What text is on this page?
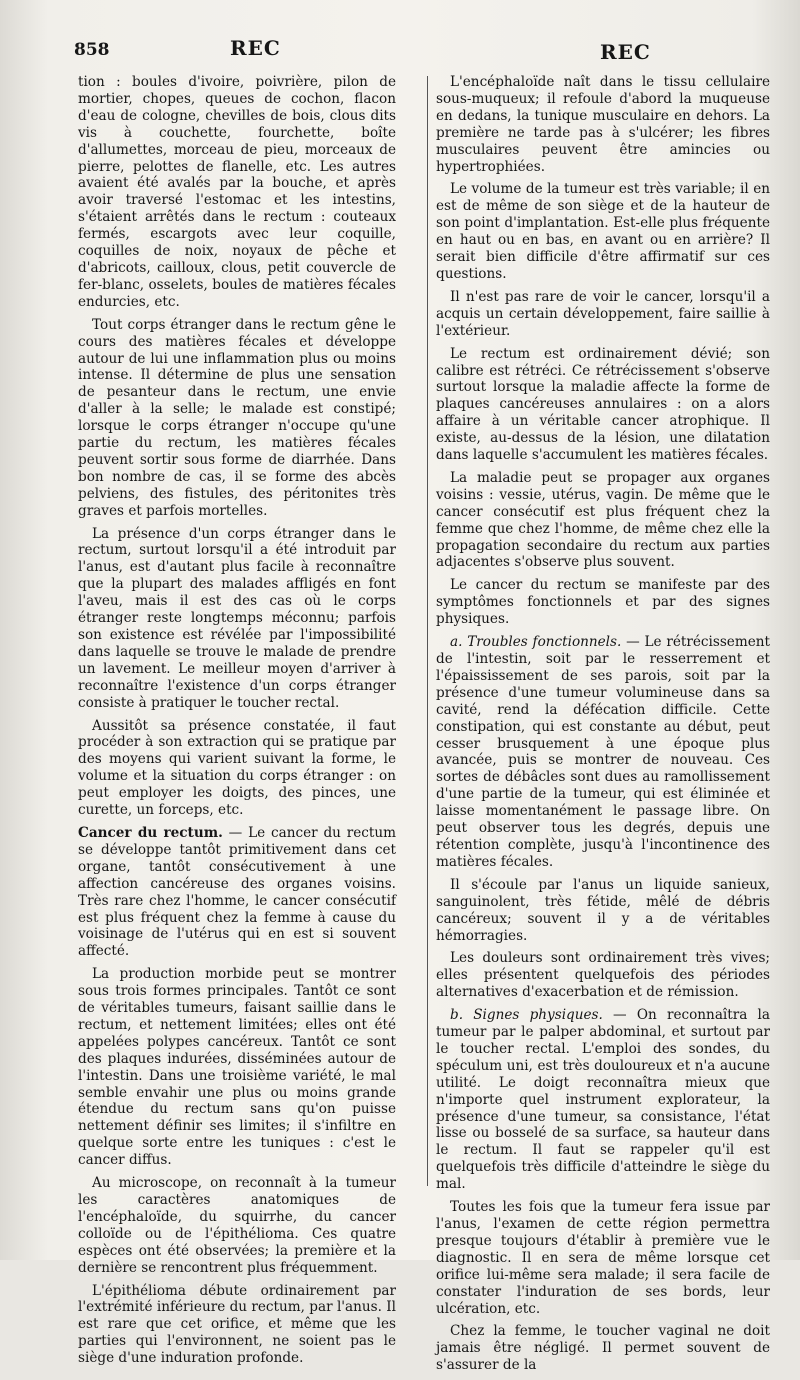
858	REC	REC

tion : boules d'ivoire, poivrière, pilon de mortier, chopes, queues de cochon, flacon d'eau de cologne, chevilles de bois, clous dits vis à couchette, fourchette, boîte d'allumettes, morceau de pieu, morceaux de pierre, pelottes de flanelle, etc. Les autres avaient été avalés par la bouche, et après avoir traversé l'estomac et les intestins, s'étaient arrêtés dans le rectum : couteaux fermés, escargots avec leur coquille, coquilles de noix, noyaux de pêche et d'abricots, cailloux, clous, petit couvercle de fer-blanc, osselets, boules de matières fécales endurcies, etc.

Tout corps étranger dans le rectum gêne le cours des matières fécales et développe autour de lui une inflammation plus ou moins intense. Il détermine de plus une sensation de pesanteur dans le rectum, une envie d'aller à la selle; le malade est constipé; lorsque le corps étranger n'occupe qu'une partie du rectum, les matières fécales peuvent sortir sous forme de diarrhée. Dans bon nombre de cas, il se forme des abcès pelviens, des fistules, des péritonites très graves et parfois mortelles.

La présence d'un corps étranger dans le rectum, surtout lorsqu'il a été introduit par l'anus, est d'autant plus facile à reconnaître que la plupart des malades affligés en font l'aveu, mais il est des cas où le corps étranger reste longtemps méconnu; parfois son existence est révélée par l'impossibilité dans laquelle se trouve le malade de prendre un lavement. Le meilleur moyen d'arriver à reconnaître l'existence d'un corps étranger consiste à pratiquer le toucher rectal.

Aussitôt sa présence constatée, il faut procéder à son extraction qui se pratique par des moyens qui varient suivant la forme, le volume et la situation du corps étranger : on peut employer les doigts, des pinces, une curette, un forceps, etc.

Cancer du rectum. — Le cancer du rectum se développe tantôt primitivement dans cet organe, tantôt consécutivement à une affection cancéreuse des organes voisins. Très rare chez l'homme, le cancer consécutif est plus fréquent chez la femme à cause du voisinage de l'utérus qui en est si souvent affecté.

La production morbide peut se montrer sous trois formes principales. Tantôt ce sont de véritables tumeurs, faisant saillie dans le rectum, et nettement limitées; elles ont été appelées polypes cancéreux. Tantôt ce sont des plaques indurées, disséminées autour de l'intestin. Dans une troisième variété, le mal semble envahir une plus ou moins grande étendue du rectum sans qu'on puisse nettement définir ses limites; il s'infiltre en quelque sorte entre les tuniques : c'est le cancer diffus.

Au microscope, on reconnaît à la tumeur les caractères anatomiques de l'encéphaloïde, du squirrhe, du cancer colloïde ou de l'épithélioma. Ces quatre espèces ont été observées; la première et la dernière se rencontrent plus fréquemment.

L'épithélioma débute ordinairement par l'extrémité inférieure du rectum, par l'anus. Il est rare que cet orifice, et même que les parties qui l'environnent, ne soient pas le siège d'une induration profonde.

L'encéphaloïde naît dans le tissu cellulaire sous-muqueux; il refoule d'abord la muqueuse en dedans, la tunique musculaire en dehors. La première ne tarde pas à s'ulcérer; les fibres musculaires peuvent être amincies ou hypertrophiées.

Le volume de la tumeur est très variable; il en est de même de son siège et de la hauteur de son point d'implantation. Est-elle plus fréquente en haut ou en bas, en avant ou en arrière? Il serait bien difficile d'être affirmatif sur ces questions.

Il n'est pas rare de voir le cancer, lorsqu'il a acquis un certain développement, faire saillie à l'extérieur.

Le rectum est ordinairement dévié; son calibre est rétréci. Ce rétrécissement s'observe surtout lorsque la maladie affecte la forme de plaques cancéreuses annulaires : on a alors affaire à un véritable cancer atrophique. Il existe, au-dessus de la lésion, une dilatation dans laquelle s'accumulent les matières fécales.

La maladie peut se propager aux organes voisins : vessie, utérus, vagin. De même que le cancer consécutif est plus fréquent chez la femme que chez l'homme, de même chez elle la propagation secondaire du rectum aux parties adjacentes s'observe plus souvent.

Le cancer du rectum se manifeste par des symptômes fonctionnels et par des signes physiques.

a. Troubles fonctionnels. — Le rétrécissement de l'intestin, soit par le resserrement et l'épaississement de ses parois, soit par la présence d'une tumeur volumineuse dans sa cavité, rend la défécation difficile. Cette constipation, qui est constante au début, peut cesser brusquement à une époque plus avancée, puis se montrer de nouveau. Ces sortes de débâcles sont dues au ramollissement d'une partie de la tumeur, qui est éliminée et laisse momentanément le passage libre. On peut observer tous les degrés, depuis une rétention complète, jusqu'à l'incontinence des matières fécales.

Il s'écoule par l'anus un liquide sanieux, sanguinolent, très fétide, mêlé de débris cancéreux; souvent il y a de véritables hémorragies.

Les douleurs sont ordinairement très vives; elles présentent quelquefois des périodes alternatives d'exacerbation et de rémission.

b. Signes physiques. — On reconnaîtra la tumeur par le palper abdominal, et surtout par le toucher rectal. L'emploi des sondes, du spéculum uni, est très douloureux et n'a aucune utilité. Le doigt reconnaîtra mieux que n'importe quel instrument explorateur, la présence d'une tumeur, sa consistance, l'état lisse ou bosselé de sa surface, sa hauteur dans le rectum. Il faut se rappeler qu'il est quelquefois très difficile d'atteindre le siège du mal.

Toutes les fois que la tumeur fera issue par l'anus, l'examen de cette région permettra presque toujours d'établir à première vue le diagnostic. Il en sera de même lorsque cet orifice lui-même sera malade; il sera facile de constater l'induration de ses bords, leur ulcération, etc.

Chez la femme, le toucher vaginal ne doit jamais être négligé. Il permet souvent de s'assurer de la
